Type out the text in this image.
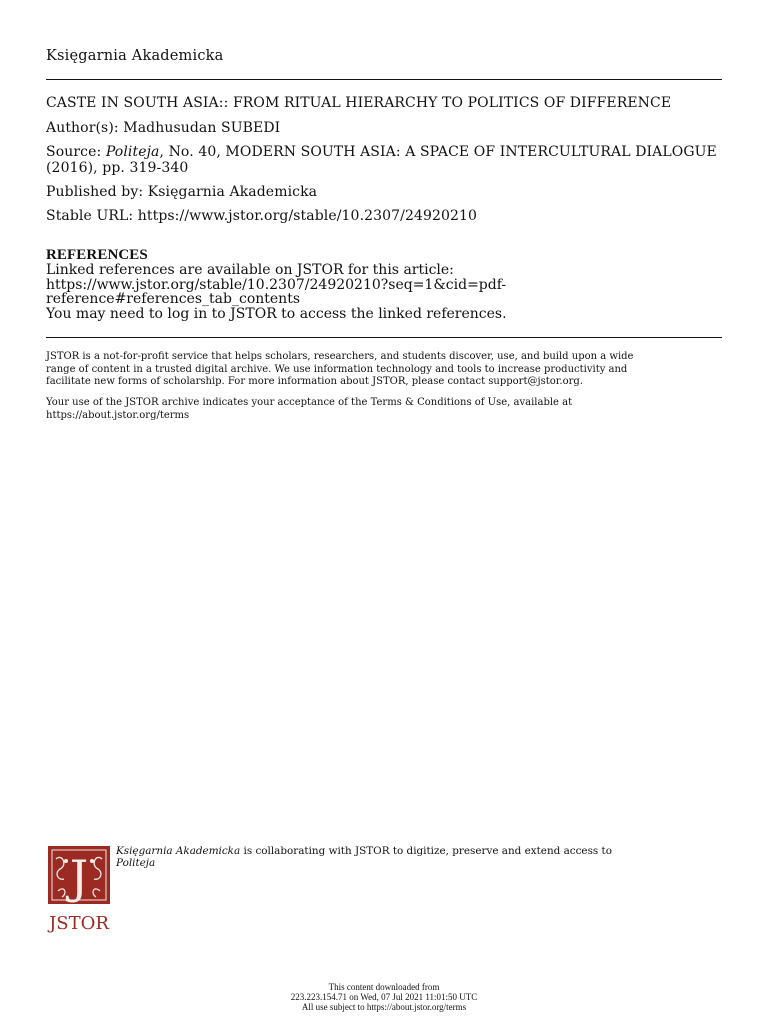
Księgarnia Akademicka
CASTE IN SOUTH ASIA:: FROM RITUAL HIERARCHY TO POLITICS OF DIFFERENCE
Author(s): Madhusudan SUBEDI
Source: Politeja, No. 40, MODERN SOUTH ASIA: A SPACE OF INTERCULTURAL DIALOGUE
(2016), pp. 319-340
Published by: Księgarnia Akademicka
Stable URL: https://www.jstor.org/stable/10.2307/24920210
REFERENCES
Linked references are available on JSTOR for this article:
https://www.jstor.org/stable/10.2307/24920210?seq=1&cid=pdf-
reference#references_tab_contents
You may need to log in to JSTOR to access the linked references.
JSTOR is a not-for-profit service that helps scholars, researchers, and students discover, use, and build upon a wide
range of content in a trusted digital archive. We use information technology and tools to increase productivity and
facilitate new forms of scholarship. For more information about JSTOR, please contact support@jstor.org.
Your use of the JSTOR archive indicates your acceptance of the Terms & Conditions of Use, available at
https://about.jstor.org/terms
J
JSTOR
Księgarnia Akademicka is collaborating with JSTOR to digitize, preserve and extend access to
Politeja
This content downloaded from
223.223.154.71 on Wed, 07 Jul 2021 11:01:50 UTC
All use subject to https://about.jstor.org/terms
